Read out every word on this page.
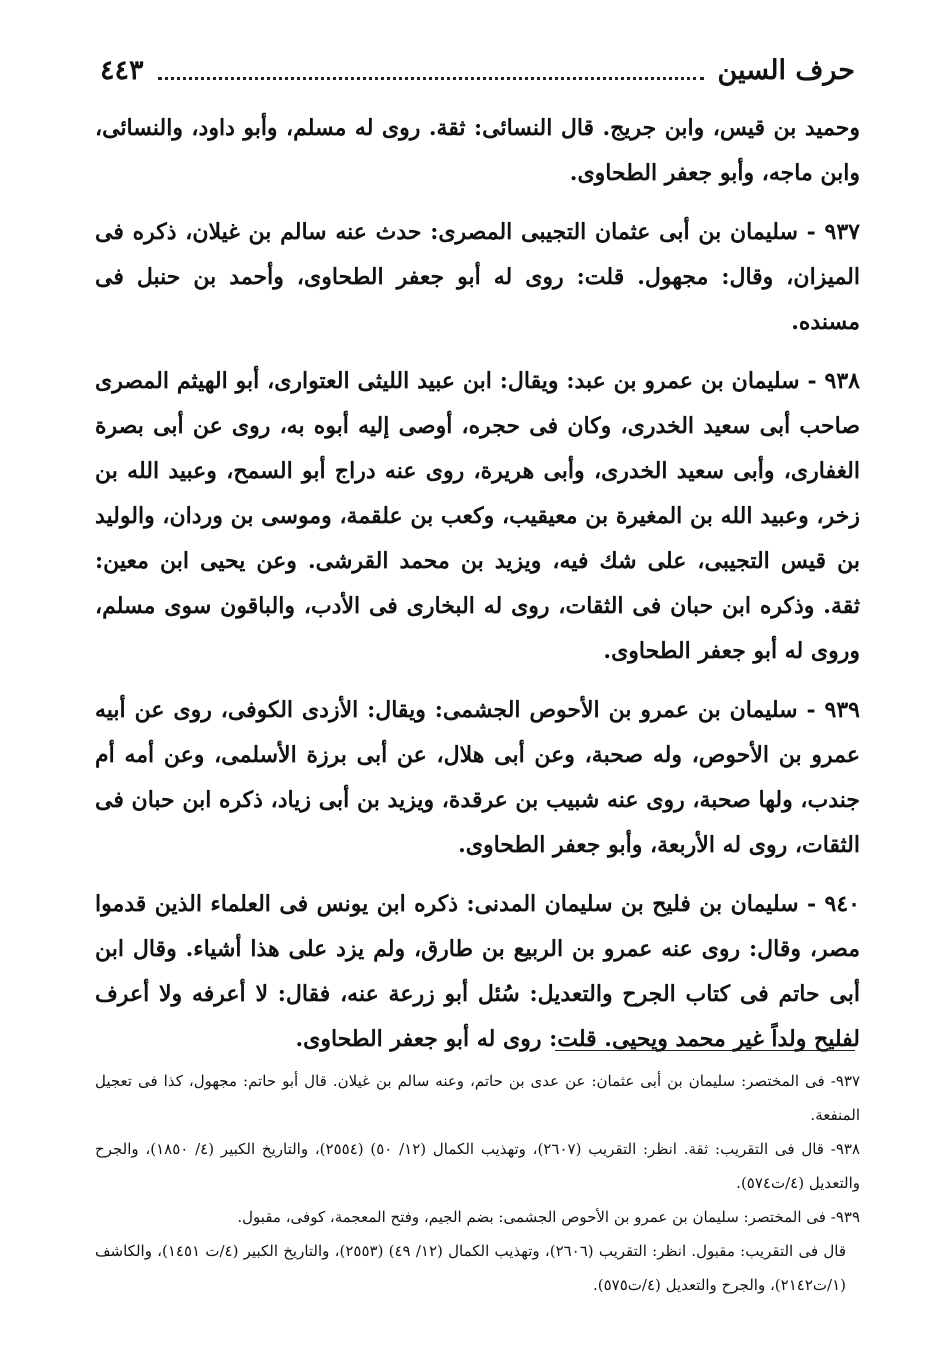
حرف السين
٤٤٣

وحميد بن قيس، وابن جريج. قال النسائى: ثقة. روى له مسلم، وأبو داود، والنسائى، وابن ماجه، وأبو جعفر الطحاوى.

٩٣٧ - سليمان بن أبى عثمان التجيبى المصرى: حدث عنه سالم بن غيلان، ذكره فى الميزان، وقال: مجهول. قلت: روى له أبو جعفر الطحاوى، وأحمد بن حنبل فى مسنده.

٩٣٨ - سليمان بن عمرو بن عبد: ويقال: ابن عبيد الليثى العتوارى، أبو الهيثم المصرى صاحب أبى سعيد الخدرى، وكان فى حجره، أوصى إليه أبوه به، روى عن أبى بصرة الغفارى، وأبى سعيد الخدرى، وأبى هريرة، روى عنه دراج أبو السمح، وعبيد الله بن زخر، وعبيد الله بن المغيرة بن معيقيب، وكعب بن علقمة، وموسى بن وردان، والوليد بن قيس التجيبى، على شك فيه، ويزيد بن محمد القرشى. وعن يحيى ابن معين: ثقة. وذكره ابن حبان فى الثقات، روى له البخارى فى الأدب، والباقون سوى مسلم، وروى له أبو جعفر الطحاوى.

٩٣٩ - سليمان بن عمرو بن الأحوص الجشمى: ويقال: الأزدى الكوفى، روى عن أبيه عمرو بن الأحوص، وله صحبة، وعن أبى هلال، عن أبى برزة الأسلمى، وعن أمه أم جندب، ولها صحبة، روى عنه شبيب بن عرقدة، ويزيد بن أبى زياد، ذكره ابن حبان فى الثقات، روى له الأربعة، وأبو جعفر الطحاوى.

٩٤٠ - سليمان بن فليح بن سليمان المدنى: ذكره ابن يونس فى العلماء الذين قدموا مصر، وقال: روى عنه عمرو بن الربيع بن طارق، ولم يزد على هذا أشياء. وقال ابن أبى حاتم فى كتاب الجرح والتعديل: سُئل أبو زرعة عنه، فقال: لا أعرفه ولا أعرف لفليح ولداً غير محمد ويحيى. قلت: روى له أبو جعفر الطحاوى.

٩٣٧- فى المختصر: سليمان بن أبى عثمان: عن عدى بن حاتم، وعنه سالم بن غيلان. قال أبو حاتم: مجهول، كذا فى تعجيل المنفعة.

٩٣٨- قال فى التقريب: ثقة. انظر: التقريب (٢٦٠٧)، وتهذيب الكمال (١٢/ ٥٠) (٢٥٥٤)، والتاريخ الكبير (٤/ ١٨٥٠)، والجرح والتعديل (٤/ت٥٧٤).

٩٣٩- فى المختصر: سليمان بن عمرو بن الأحوص الجشمى: بضم الجيم، وفتح المعجمة، كوفى، مقبول.

قال فى التقريب: مقبول. انظر: التقريب (٢٦٠٦)، وتهذيب الكمال (١٢/ ٤٩) (٢٥٥٣)، والتاريخ الكبير (٤/ت ١٤٥١)، والكاشف (١/ت٢١٤٢)، والجرح والتعديل (٤/ت٥٧٥).
